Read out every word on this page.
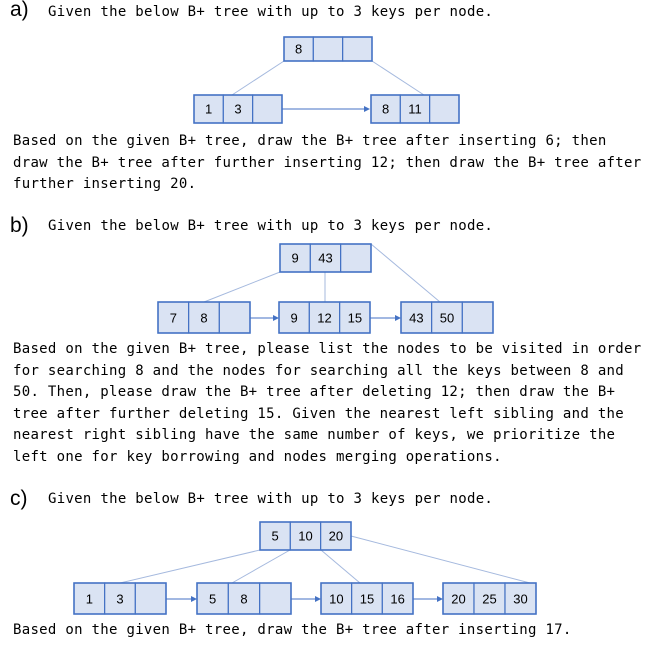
a) Given the below B+ tree with up to 3 keys per node.
8
1 3	8 11
Based on the given B+ tree, draw the B+ tree after inserting 6; then
draw the B+ tree after further inserting 12; then draw the B+ tree after
further inserting 20.
b) Given the below B+ tree with up to 3 keys per node.
9 43
7 8	9 12 15	43 50
Based on the given B+ tree, please list the nodes to be visited in order
for searching 8 and the nodes for searching all the keys between 8 and
50. Then, please draw the B+ tree after deleting 12; then draw the B+
tree after further deleting 15. Given the nearest left sibling and the
nearest right sibling have the same number of keys, we prioritize the
left one for key borrowing and nodes merging operations.
c) Given the below B+ tree with up to 3 keys per node.
5 10 20
1 3	5 8	10 15 16	20 25 30
Based on the given B+ tree, draw the B+ tree after inserting 17.
